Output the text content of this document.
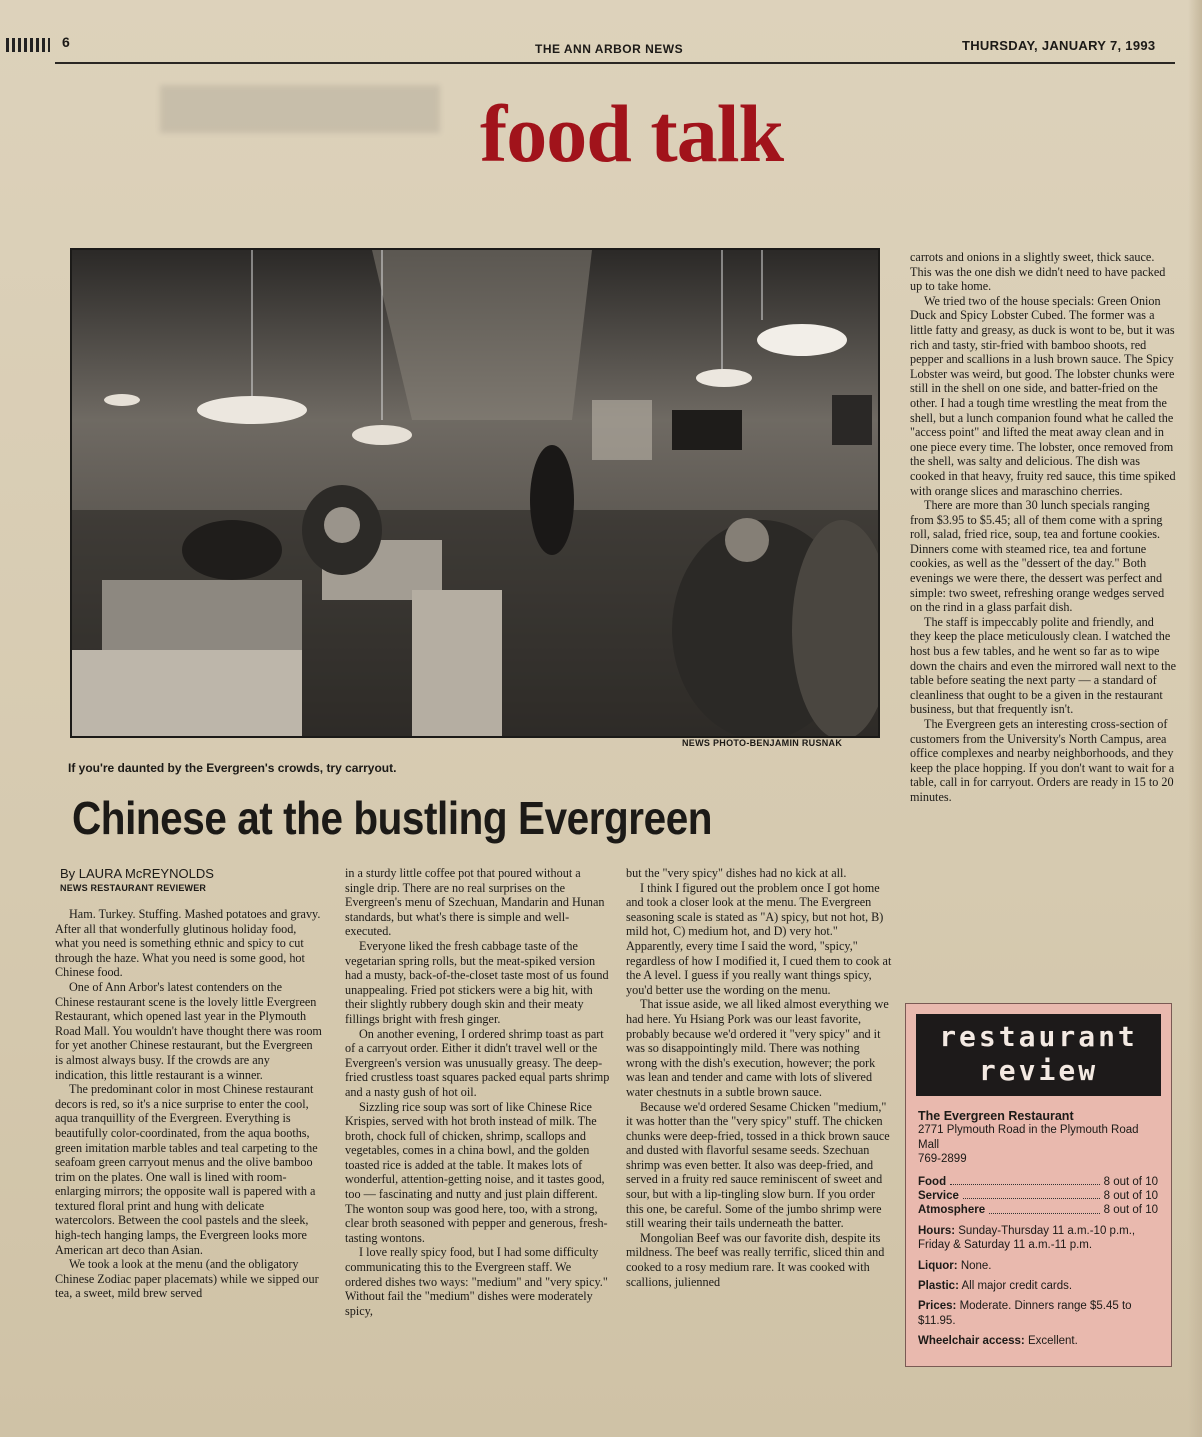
6	THE ANN ARBOR NEWS	THURSDAY, JANUARY 7, 1993
food talk
NEWS PHOTO-BENJAMIN RUSNAK
If you're daunted by the Evergreen's crowds, try carryout.
Chinese at the bustling Evergreen
By LAURA McREYNOLDS
NEWS RESTAURANT REVIEWER

Ham. Turkey. Stuffing. Mashed potatoes and gravy. After all that wonderfully glutinous holiday food, what you need is something ethnic and spicy to cut through the haze. What you need is some good, hot Chinese food.

One of Ann Arbor's latest contenders on the Chinese restaurant scene is the lovely little Evergreen Restaurant, which opened last year in the Plymouth Road Mall. You wouldn't have thought there was room for yet another Chinese restaurant, but the Evergreen is almost always busy. If the crowds are any indication, this little restaurant is a winner.

The predominant color in most Chinese restaurant decors is red, so it's a nice surprise to enter the cool, aqua tranquillity of the Evergreen. Everything is beautifully color-coordinated, from the aqua booths, green imitation marble tables and teal carpeting to the seafoam green carryout menus and the olive bamboo trim on the plates. One wall is lined with room-enlarging mirrors; the opposite wall is papered with a textured floral print and hung with delicate watercolors. Between the cool pastels and the sleek, high-tech hanging lamps, the Evergreen looks more American art deco than Asian.

We took a look at the menu (and the obligatory Chinese Zodiac paper placemats) while we sipped our tea, a sweet, mild brew served

in a sturdy little coffee pot that poured without a single drip. There are no real surprises on the Evergreen's menu of Szechuan, Mandarin and Hunan standards, but what's there is simple and well-executed.

Everyone liked the fresh cabbage taste of the vegetarian spring rolls, but the meat-spiked version had a musty, back-of-the-closet taste most of us found unappealing. Fried pot stickers were a big hit, with their slightly rubbery dough skin and their meaty fillings bright with fresh ginger.

On another evening, I ordered shrimp toast as part of a carryout order. Either it didn't travel well or the Evergreen's version was unusually greasy. The deep-fried crustless toast squares packed equal parts shrimp and a nasty gush of hot oil.

Sizzling rice soup was sort of like Chinese Rice Krispies, served with hot broth instead of milk. The broth, chock full of chicken, shrimp, scallops and vegetables, comes in a china bowl, and the golden toasted rice is added at the table. It makes lots of wonderful, attention-getting noise, and it tastes good, too — fascinating and nutty and just plain different. The wonton soup was good here, too, with a strong, clear broth seasoned with pepper and generous, fresh-tasting wontons.

I love really spicy food, but I had some difficulty communicating this to the Evergreen staff. We ordered dishes two ways: "medium" and "very spicy." Without fail the "medium" dishes were moderately spicy,

but the "very spicy" dishes had no kick at all.

I think I figured out the problem once I got home and took a closer look at the menu. The Evergreen seasoning scale is stated as "A) spicy, but not hot, B) mild hot, C) medium hot, and D) very hot." Apparently, every time I said the word, "spicy," regardless of how I modified it, I cued them to cook at the A level. I guess if you really want things spicy, you'd better use the wording on the menu.

That issue aside, we all liked almost everything we had here. Yu Hsiang Pork was our least favorite, probably because we'd ordered it "very spicy" and it was so disappointingly mild. There was nothing wrong with the dish's execution, however; the pork was lean and tender and came with lots of slivered water chestnuts in a subtle brown sauce.

Because we'd ordered Sesame Chicken "medium," it was hotter than the "very spicy" stuff. The chicken chunks were deep-fried, tossed in a thick brown sauce and dusted with flavorful sesame seeds. Szechuan shrimp was even better. It also was deep-fried, and served in a fruity red sauce reminiscent of sweet and sour, but with a lip-tingling slow burn. If you order this one, be careful. Some of the jumbo shrimp were still wearing their tails underneath the batter.

Mongolian Beef was our favorite dish, despite its mildness. The beef was really terrific, sliced thin and cooked to a rosy medium rare. It was cooked with scallions, julienned

carrots and onions in a slightly sweet, thick sauce. This was the one dish we didn't need to have packed up to take home.

We tried two of the house specials: Green Onion Duck and Spicy Lobster Cubed. The former was a little fatty and greasy, as duck is wont to be, but it was rich and tasty, stir-fried with bamboo shoots, red pepper and scallions in a lush brown sauce. The Spicy Lobster was weird, but good. The lobster chunks were still in the shell on one side, and batter-fried on the other. I had a tough time wrestling the meat from the shell, but a lunch companion found what he called the "access point" and lifted the meat away clean and in one piece every time. The lobster, once removed from the shell, was salty and delicious. The dish was cooked in that heavy, fruity red sauce, this time spiked with orange slices and maraschino cherries.

There are more than 30 lunch specials ranging from $3.95 to $5.45; all of them come with a spring roll, salad, fried rice, soup, tea and fortune cookies. Dinners come with steamed rice, tea and fortune cookies, as well as the "dessert of the day." Both evenings we were there, the dessert was perfect and simple: two sweet, refreshing orange wedges served on the rind in a glass parfait dish.

The staff is impeccably polite and friendly, and they keep the place meticulously clean. I watched the host bus a few tables, and he went so far as to wipe down the chairs and even the mirrored wall next to the table before seating the next party — a standard of cleanliness that ought to be a given in the restaurant business, but that frequently isn't.

The Evergreen gets an interesting cross-section of customers from the University's North Campus, area office complexes and nearby neighborhoods, and they keep the place hopping. If you don't want to wait for a table, call in for carryout. Orders are ready in 15 to 20 minutes.

restaurant
review
The Evergreen Restaurant
2771 Plymouth Road in the Plymouth Road Mall
769-2899
Food	8 out of 10
Service	8 out of 10
Atmosphere	8 out of 10
Hours: Sunday-Thursday 11 a.m.-10 p.m., Friday & Saturday 11 a.m.-11 p.m.
Liquor: None.
Plastic: All major credit cards.
Prices: Moderate. Dinners range $5.45 to $11.95.
Wheelchair access: Excellent.
